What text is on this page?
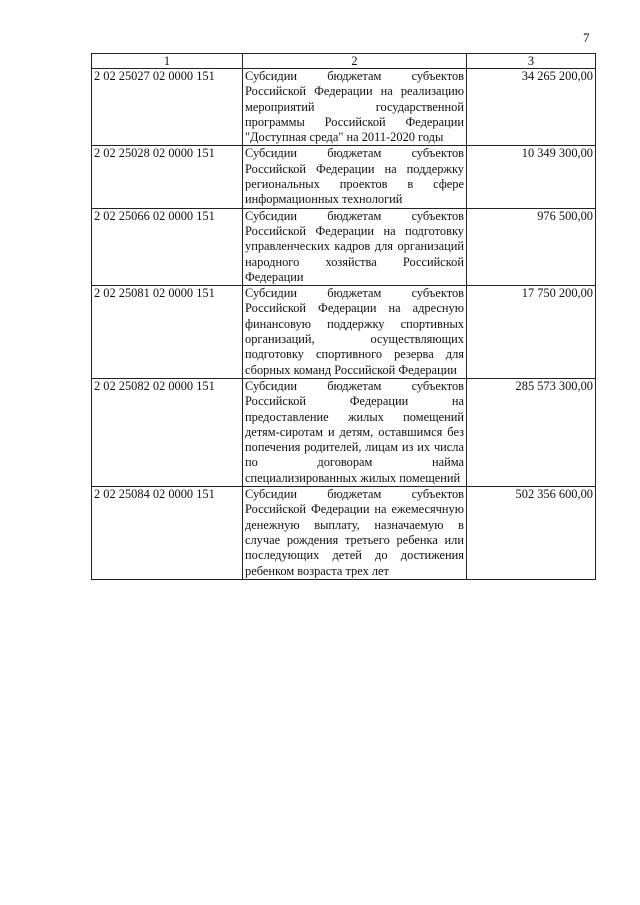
7
1	2	3
2 02 25027 02 0000 151	Субсидии бюджетам субъектов Российской Федерации на реализацию мероприятий государственной программы Российской Федерации "Доступная среда" на 2011-2020 годы	34 265 200,00
2 02 25028 02 0000 151	Субсидии бюджетам субъектов Российской Федерации на поддержку региональных проектов в сфере информационных технологий	10 349 300,00
2 02 25066 02 0000 151	Субсидии бюджетам субъектов Российской Федерации на подготовку управленческих кадров для организаций народного хозяйства Российской Федерации	976 500,00
2 02 25081 02 0000 151	Субсидии бюджетам субъектов Российской Федерации на адресную финансовую поддержку спортивных организаций, осуществляющих подготовку спортивного резерва для сборных команд Российской Федерации	17 750 200,00
2 02 25082 02 0000 151	Субсидии бюджетам субъектов Российской Федерации на предоставление жилых помещений детям-сиротам и детям, оставшимся без попечения родителей, лицам из их числа по договорам найма специализированных жилых помещений	285 573 300,00
2 02 25084 02 0000 151	Субсидии бюджетам субъектов Российской Федерации на ежемесячную денежную выплату, назначаемую в случае рождения третьего ребенка или последующих детей до достижения ребенком возраста трех лет	502 356 600,00
